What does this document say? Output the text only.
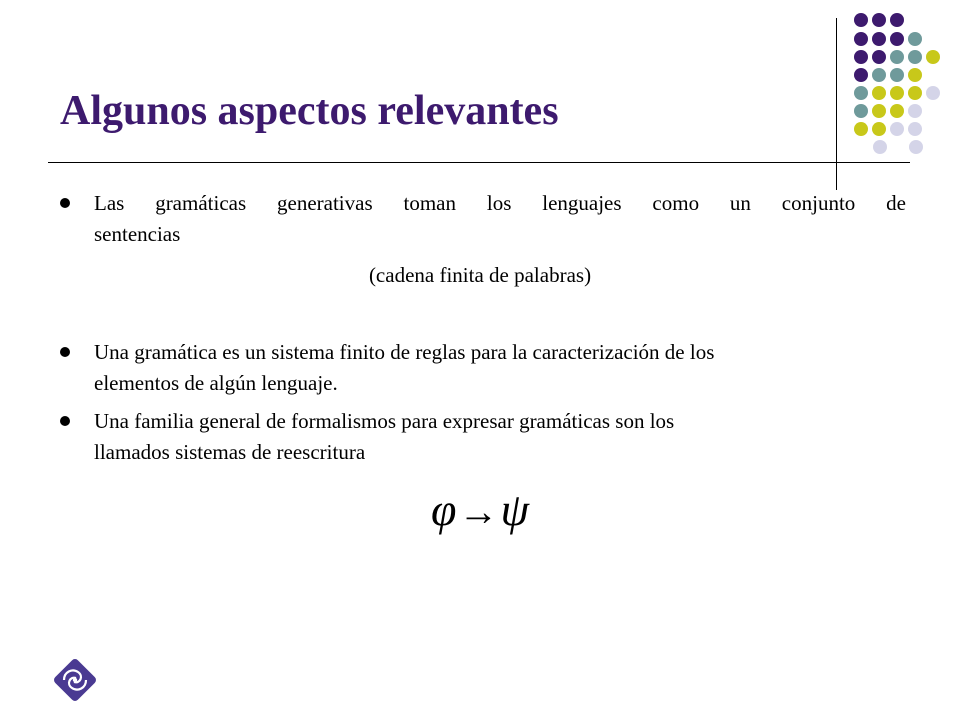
Algunos aspectos relevantes

Las gramáticas generativas toman los lenguajes como un conjunto de

sentencias

(cadena finita de palabras)

Una gramática es un sistema finito de reglas para la caracterización de los

elementos de algún lenguaje.

Una familia general de formalismos para expresar gramáticas son los

llamados sistemas de reescritura

φ→ψ
